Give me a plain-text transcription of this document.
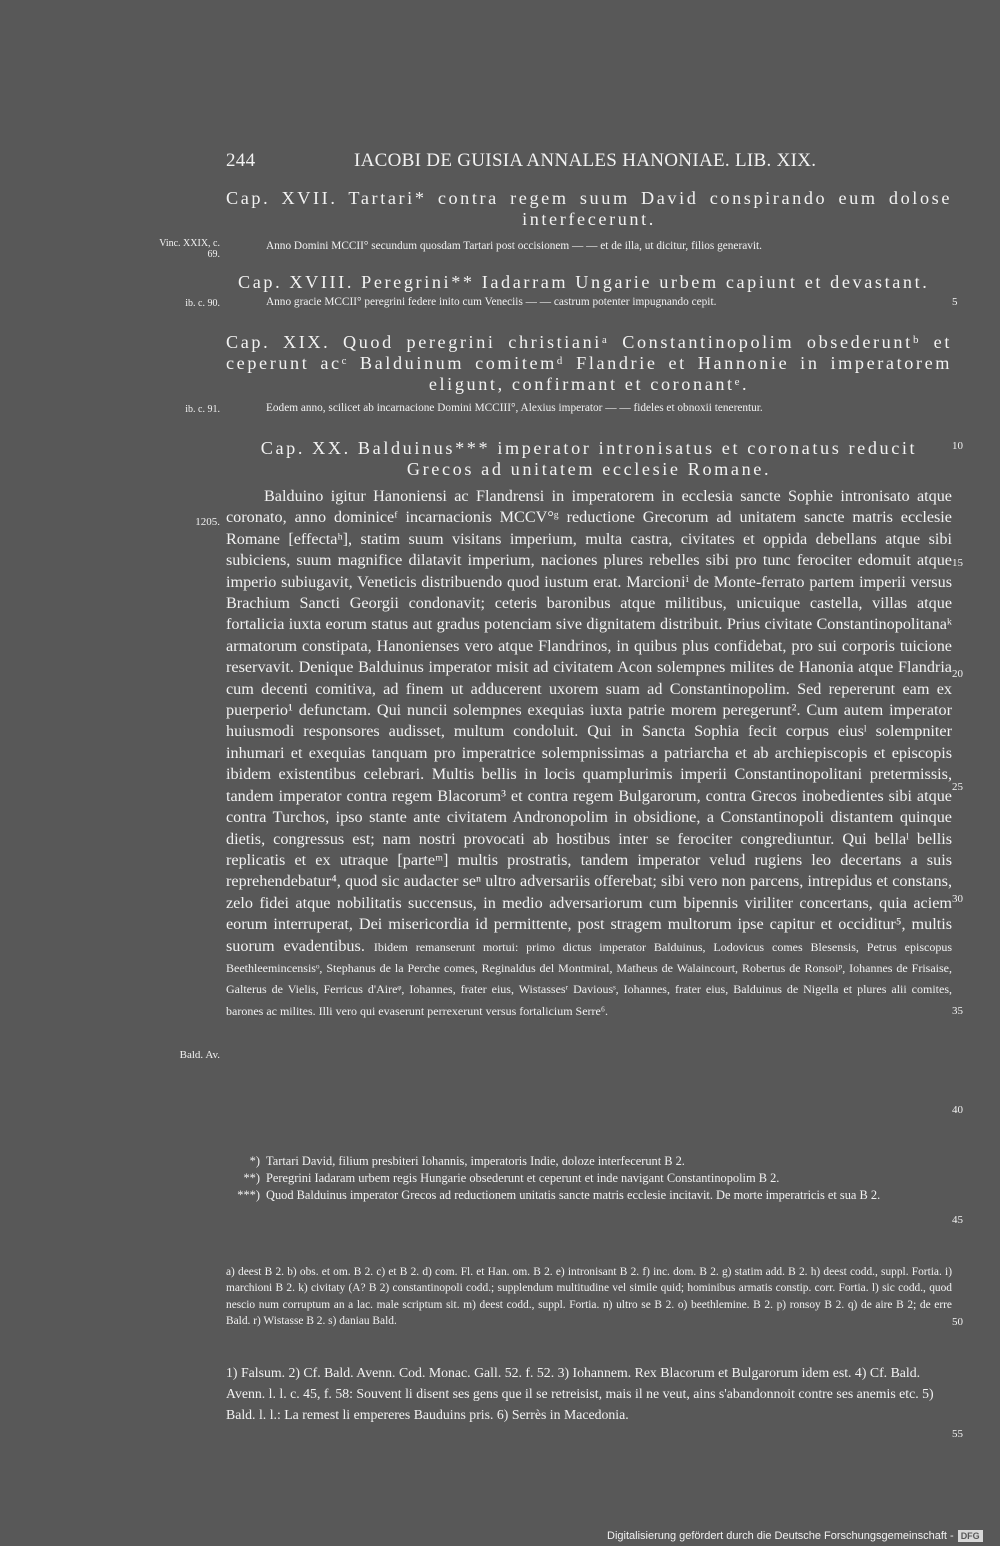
244	IACOBI DE GUISIA ANNALES HANONIAE. LIB. XIX.
Cap. XVII. Tartari* contra regem suum David conspirando eum dolose interfecerunt.
Vinc. XXIX, c. 69.
Anno Domini MCCII° secundum quosdam Tartari post occisionem — — et de illa, ut dicitur, filios generavit.
Cap. XVIII. Peregrini** Iadarram Ungarie urbem capiunt et devastant.
ib. c. 90.	Anno gracie MCCII° peregrini federe inito cum Veneciis — — castrum potenter impugnando cepit.	5
Cap. XIX. Quod peregrini christianiᵃ Constantinopolim obsederuntᵇ et ceperunt acᶜ Balduinum comitemᵈ Flandrie et Hannonie in imperatorem eligunt, confirmant et coronantᵉ.
ib. c. 91.	Eodem anno, scilicet ab incarnacione Domini MCCIII°, Alexius imperator — — fideles et obnoxii tenerentur.
Cap. XX. Balduinus*** imperator intronisatus et coronatus reducit Grecos ad unitatem ecclesie Romane.
10
1205.
Bald. Av.

Balduino igitur Hanoniensi ac Flandrensi in imperatorem in ecclesia sancte Sophie intronisato atque coronato, anno dominiceᶠ incarnacionis MCCV°ᵍ reductione Grecorum ad unitatem sancte matris ecclesie Romane [effectaʰ], statim suum visitans imperium, multa castra, civitates et oppida debellans atque sibi subiciens, suum magnifice dilatavit imperium, naciones plures rebelles sibi pro tunc ferociter edomuit atque imperio subiugavit, Veneticis distribuendo quod iustum erat. Marcioniⁱ de Monte-ferrato partem imperii versus Brachium Sancti Georgii condonavit; ceteris baronibus atque militibus, unicuique castella, villas atque fortalicia iuxta eorum status aut gradus potenciam sive dignitatem distribuit. Prius civitate Constantinopolitanaᵏ armatorum constipata, Hanonienses vero atque Flandrinos, in quibus plus confidebat, pro sui corporis tuicione reservavit. Denique Balduinus imperator misit ad civitatem Acon solempnes milites de Hanonia atque Flandria cum decenti comitiva, ad finem ut adducerent uxorem suam ad Constantinopolim. Sed repererunt eam ex puerperio¹ defunctam. Qui nuncii solempnes exequias iuxta patrie morem peregerunt². Cum autem imperator huiusmodi responsores audisset, multum condoluit. Qui in Sancta Sophia fecit corpus eiusˡ solempniter inhumari et exequias tanquam pro imperatrice solempnissimas a patriarcha et ab archiepiscopis et episcopis ibidem existentibus celebrari. Multis bellis in locis quamplurimis imperii Constantinopolitani pretermissis, tandem imperator contra regem Blacorum³ et contra regem Bulgarorum, contra Grecos inobedientes sibi atque contra Turchos, ipso stante ante civitatem Andronopolim in obsidione, a Constantinopoli distantem quinque dietis, congressus est; nam nostri provocati ab hostibus inter se ferociter congrediuntur. Qui bellaˡ bellis replicatis et ex utraque [parteᵐ] multis prostratis, tandem imperator velud rugiens leo decertans a suis reprehendebatur⁴, quod sic audacter seⁿ ultro adversariis offerebat; sibi vero non parcens, intrepidus et constans, zelo fidei atque nobilitatis succensus, in medio adversariorum cum bipennis viriliter concertans, quia aciem eorum interruperat, Dei misericordia id permittente, post stragem multorum ipse capitur et occiditur⁵, multis suorum evadentibus. Ibidem remanserunt mortui: primo dictus imperator Balduinus, Lodovicus comes Blesensis, Petrus episcopus Beethleemincensisᵒ, Stephanus de la Perche comes, Reginaldus del Montmiral, Matheus de Walaincourt, Robertus de Ronsoiᵖ, Iohannes de Frisaise, Galterus de Vielis, Ferricus d'Aireᵠ, Iohannes, frater eius, Wistassesʳ Daviousˢ, Iohannes, frater eius, Balduinus de Nigella et plures alii comites, barones ac milites. Illi vero qui evaserunt perrexerunt versus fortalicium Serre⁶.

15
20
25
30
35
40

*) Tartari David, filium presbiteri Iohannis, imperatoris Indie, doloze interfecerunt B 2.

**) Peregrini Iadaram urbem regis Hungarie obsederunt et ceperunt et inde navigant Constantinopolim B 2.

***) Quod Balduinus imperator Grecos ad reductionem unitatis sancte matris ecclesie incitavit. De morte imperatricis et sua B 2.

45
a) deest B 2. b) obs. et om. B 2. c) et B 2. d) com. Fl. et Han. om. B 2. e) intronisant B 2. f) inc. dom. B 2. g) statim add. B 2. h) deest codd., suppl. Fortia. i) marchioni B 2. k) civitaty (A? B 2) constantinopoli codd.; supplendum multitudine vel simile quid; hominibus armatis constip. corr. Fortia. l) sic codd., quod nescio num corruptum an a lac. male scriptum sit. m) deest codd., suppl. Fortia. n) ultro se B 2. o) beethlemine. B 2. p) ronsoy B 2. q) de aire B 2; de erre Bald. r) Wistasse B 2. s) daniau Bald.	50
1) Falsum. 2) Cf. Bald. Avenn. Cod. Monac. Gall. 52. f. 52. 3) Iohannem. Rex Blacorum et Bulgarorum idem est. 4) Cf. Bald. Avenn. l. l. c. 45, f. 58: Souvent li disent ses gens que il se retreisist, mais il ne veut, ains s'abandonnoit contre ses anemis etc. 5) Bald. l. l.: La remest li empereres Bauduins pris. 6) Serrès in Macedonia.
55
Digitalisierung gefördert durch die Deutsche Forschungsgemeinschaft - DFG
